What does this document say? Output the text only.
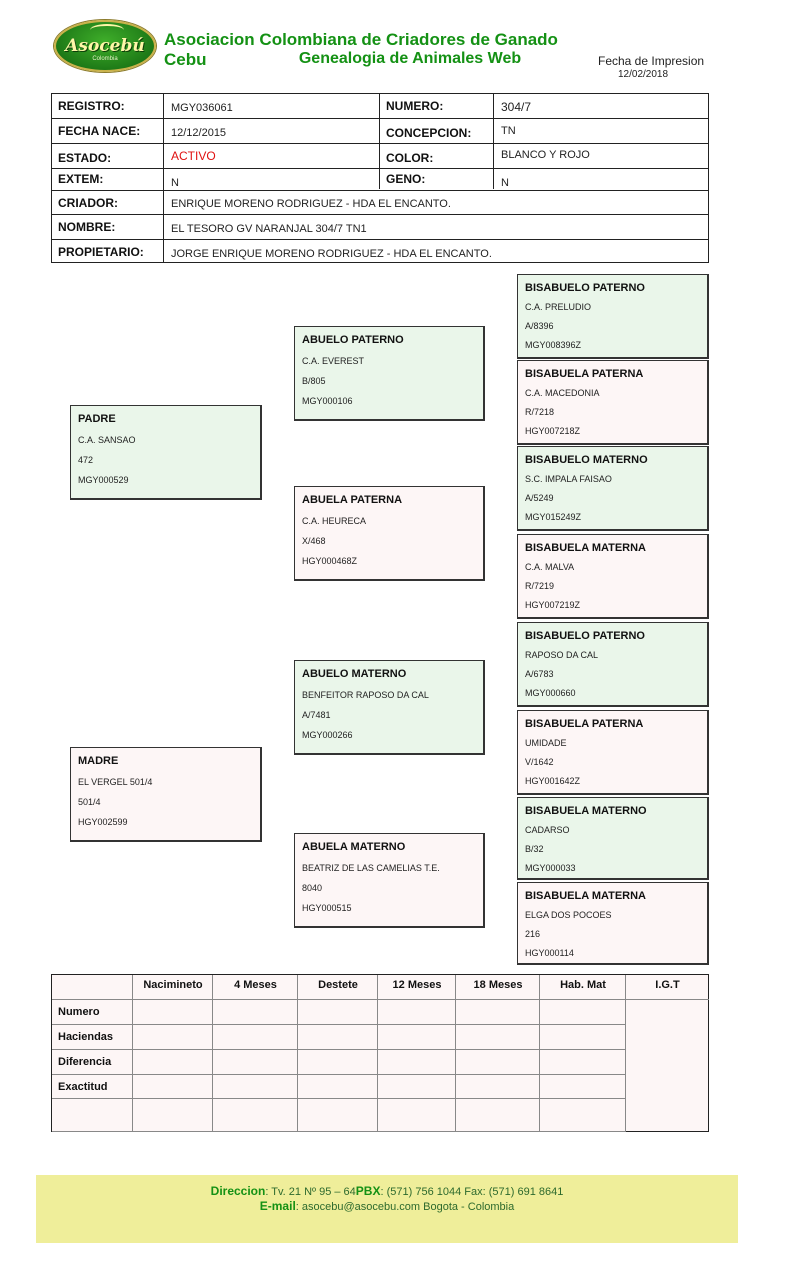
Asocebú
Colombia
Asociacion Colombiana de Criadores de Ganado Cebu	Genealogia de Animales Web	Fecha de Impresion
12/02/2018
REGISTRO:	MGY036061	NUMERO:	304/7
FECHA NACE:	12/12/2015	CONCEPCION:	TN
ESTADO:	ACTIVO	COLOR:	BLANCO Y ROJO
EXTEM:	N	GENO:	N
CRIADOR:	ENRIQUE MORENO RODRIGUEZ - HDA EL ENCANTO.
NOMBRE:	EL TESORO GV NARANJAL 304/7 TN1
PROPIETARIO: JORGE ENRIQUE MORENO RODRIGUEZ - HDA EL ENCANTO.
PADRE
C.A. SANSAO
472
MGY000529
MADRE
EL VERGEL 501/4
501/4
HGY002599
ABUELO PATERNO
C.A. EVEREST
B/805
MGY000106
ABUELA PATERNA
C.A. HEURECA
X/468
HGY000468Z
ABUELO MATERNO
BENFEITOR RAPOSO DA CAL
A/7481
MGY000266
ABUELA MATERNO
BEATRIZ DE LAS CAMELIAS T.E.
8040
HGY000515
BISABUELO PATERNO
C.A. PRELUDIO
A/8396
MGY008396Z
BISABUELA PATERNA
C.A. MACEDONIA
R/7218
HGY007218Z
BISABUELO MATERNO
S.C. IMPALA FAISAO
A/5249
MGY015249Z
BISABUELA MATERNA
C.A. MALVA
R/7219
HGY007219Z
BISABUELO PATERNO
RAPOSO DA CAL
A/6783
MGY000660
BISABUELA PATERNA
UMIDADE
V/1642
HGY001642Z
BISABUELA MATERNO
CADARSO
B/32
MGY000033
BISABUELA MATERNA
ELGA DOS POCOES
216
HGY000114
Nacimineto	4 Meses	Destete	12 Meses	18 Meses	Hab. Mat	I.G.T
Numero
Haciendas
Diferencia
Exactitud
Direccion: Tv. 21 Nº 95 – 64PBX: (571) 756 1044 Fax: (571) 691 8641
E-mail: asocebu@asocebu.com Bogota - Colombia
